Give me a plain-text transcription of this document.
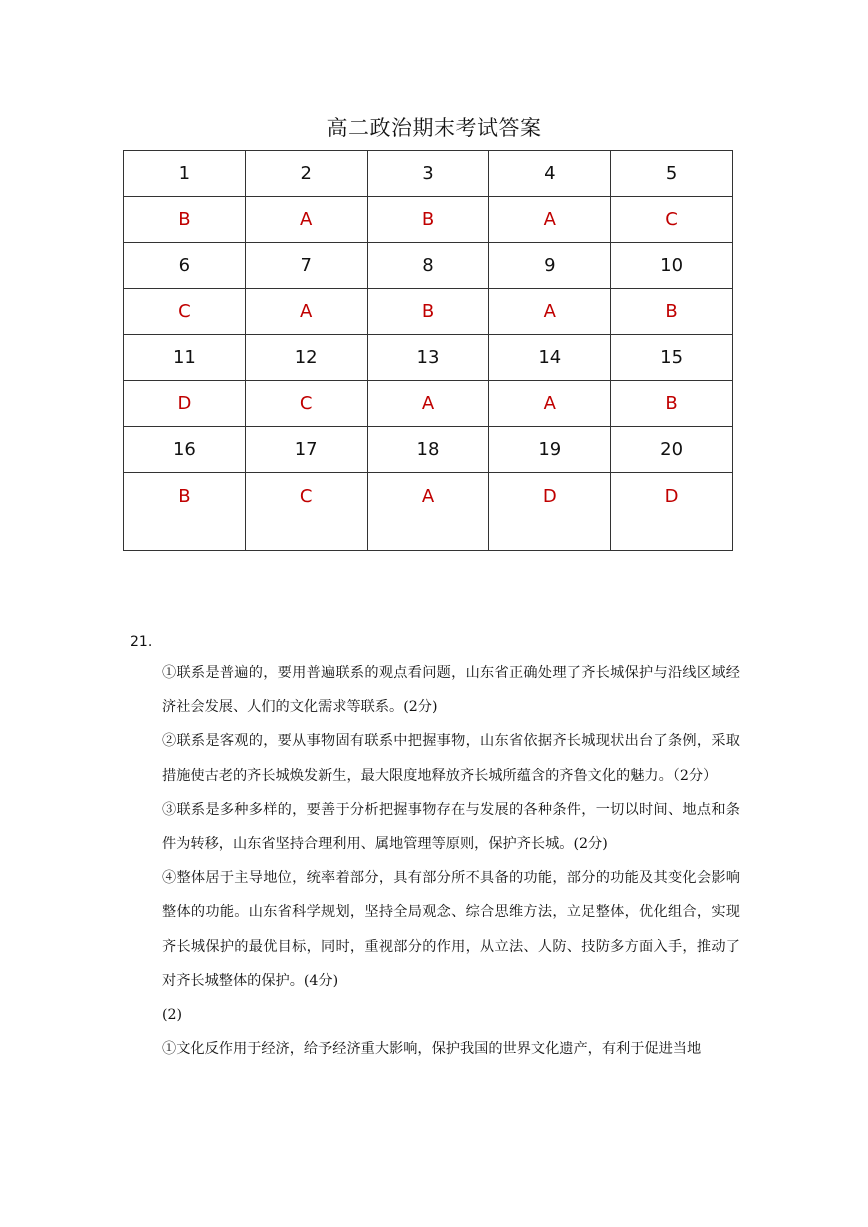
高二政治期末考试答案
1	2	3	4	5
B	A	B	A	C
6	7	8	9	10
C	A	B	A	B
11	12	13	14	15
D	C	A	A	B
16	17	18	19	20
B	C	A	D	D
21.

①联系是普遍的，要用普遍联系的观点看问题，山东省正确处理了齐长城保护与沿线区域经济社会发展、人们的文化需求等联系。(2分)

②联系是客观的，要从事物固有联系中把握事物，山东省依据齐长城现状出台了条例，采取措施使古老的齐长城焕发新生，最大限度地释放齐长城所蕴含的齐鲁文化的魅力。（2分）

③联系是多种多样的，要善于分析把握事物存在与发展的各种条件，一切以时间、地点和条件为转移，山东省坚持合理利用、属地管理等原则，保护齐长城。(2分)

④整体居于主导地位，统率着部分，具有部分所不具备的功能，部分的功能及其变化会影响整体的功能。山东省科学规划，坚持全局观念、综合思维方法，立足整体，优化组合，实现齐长城保护的最优目标，同时，重视部分的作用，从立法、人防、技防多方面入手，推动了对齐长城整体的保护。(4分)

(2)

①文化反作用于经济，给予经济重大影响，保护我国的世界文化遗产，有利于促进当地
